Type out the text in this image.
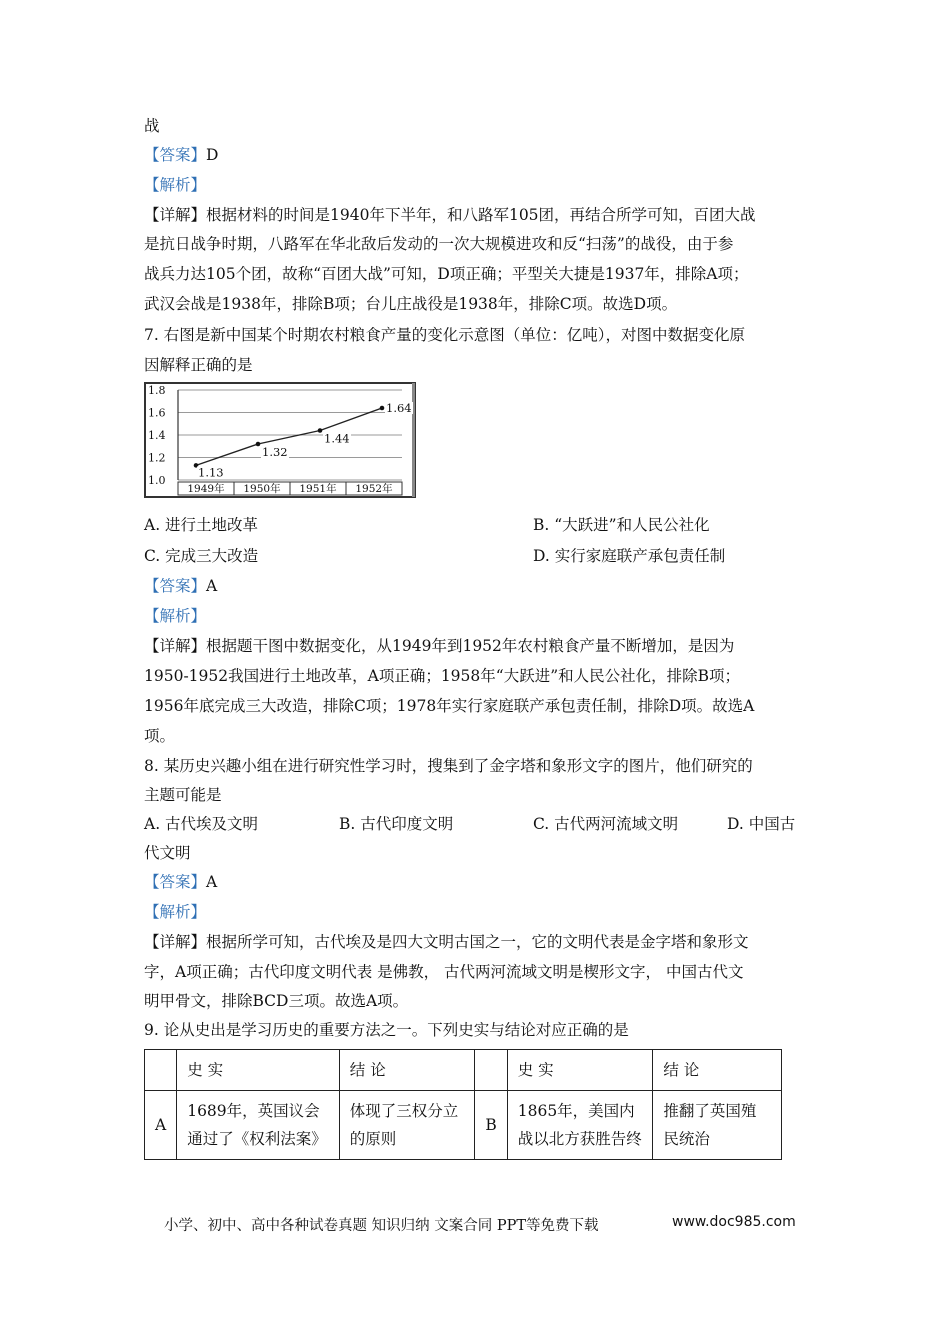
战
【答案】D
【解析】
【详解】根据材料的时间是1940年下半年，和八路军105团，再结合所学可知，百团大战
是抗日战争时期，八路军在华北敌后发动的一次大规模进攻和反“扫荡”的战役，由于参
战兵力达105个团，故称“百团大战”可知，D项正确；平型关大捷是1937年，排除A项；
武汉会战是1938年，排除B项；台儿庄战役是1938年，排除C项。故选D项。
7. 右图是新中国某个时期农村粮食产量的变化示意图（单位：亿吨），对图中数据变化原
因解释正确的是
1.8
1.6
1.4
1.2
1.0
1949年 1950年 1951年 1952年
1.13
1.32
1.44
1.64
A. 进行土地改革	B. “大跃进”和人民公社化
C. 完成三大改造	D. 实行家庭联产承包责任制
【答案】A
【解析】
【详解】根据题干图中数据变化，从1949年到1952年农村粮食产量不断增加，是因为
1950-1952我国进行土地改革，A项正确；1958年“大跃进”和人民公社化，排除B项；
1956年底完成三大改造，排除C项；1978年实行家庭联产承包责任制，排除D项。故选A
项。
8. 某历史兴趣小组在进行研究性学习时，搜集到了金字塔和象形文字的图片，他们研究的
主题可能是
A. 古代埃及文明	B. 古代印度文明	C. 古代两河流域文明	D. 中国古
代文明
【答案】A
【解析】
【详解】根据所学可知，古代埃及是四大文明古国之一，它的文明代表是金字塔和象形文
字，A项正确；古代印度文明代表 是佛教， 古代两河流域文明是楔形文字， 中国古代文
明甲骨文，排除BCD三项。故选A项。
9. 论从史出是学习历史的重要方法之一。下列史实与结论对应正确的是
	史 实	结 论		史 实	结 论
A	1689年，英国议会通过了《权利法案》	体现了三权分立的原则	B	1865年，美国内战以北方获胜告终	推翻了英国殖民统治
小学、初中、高中各种试卷真题 知识归纳 文案合同 PPT等免费下载	www.doc985.com
